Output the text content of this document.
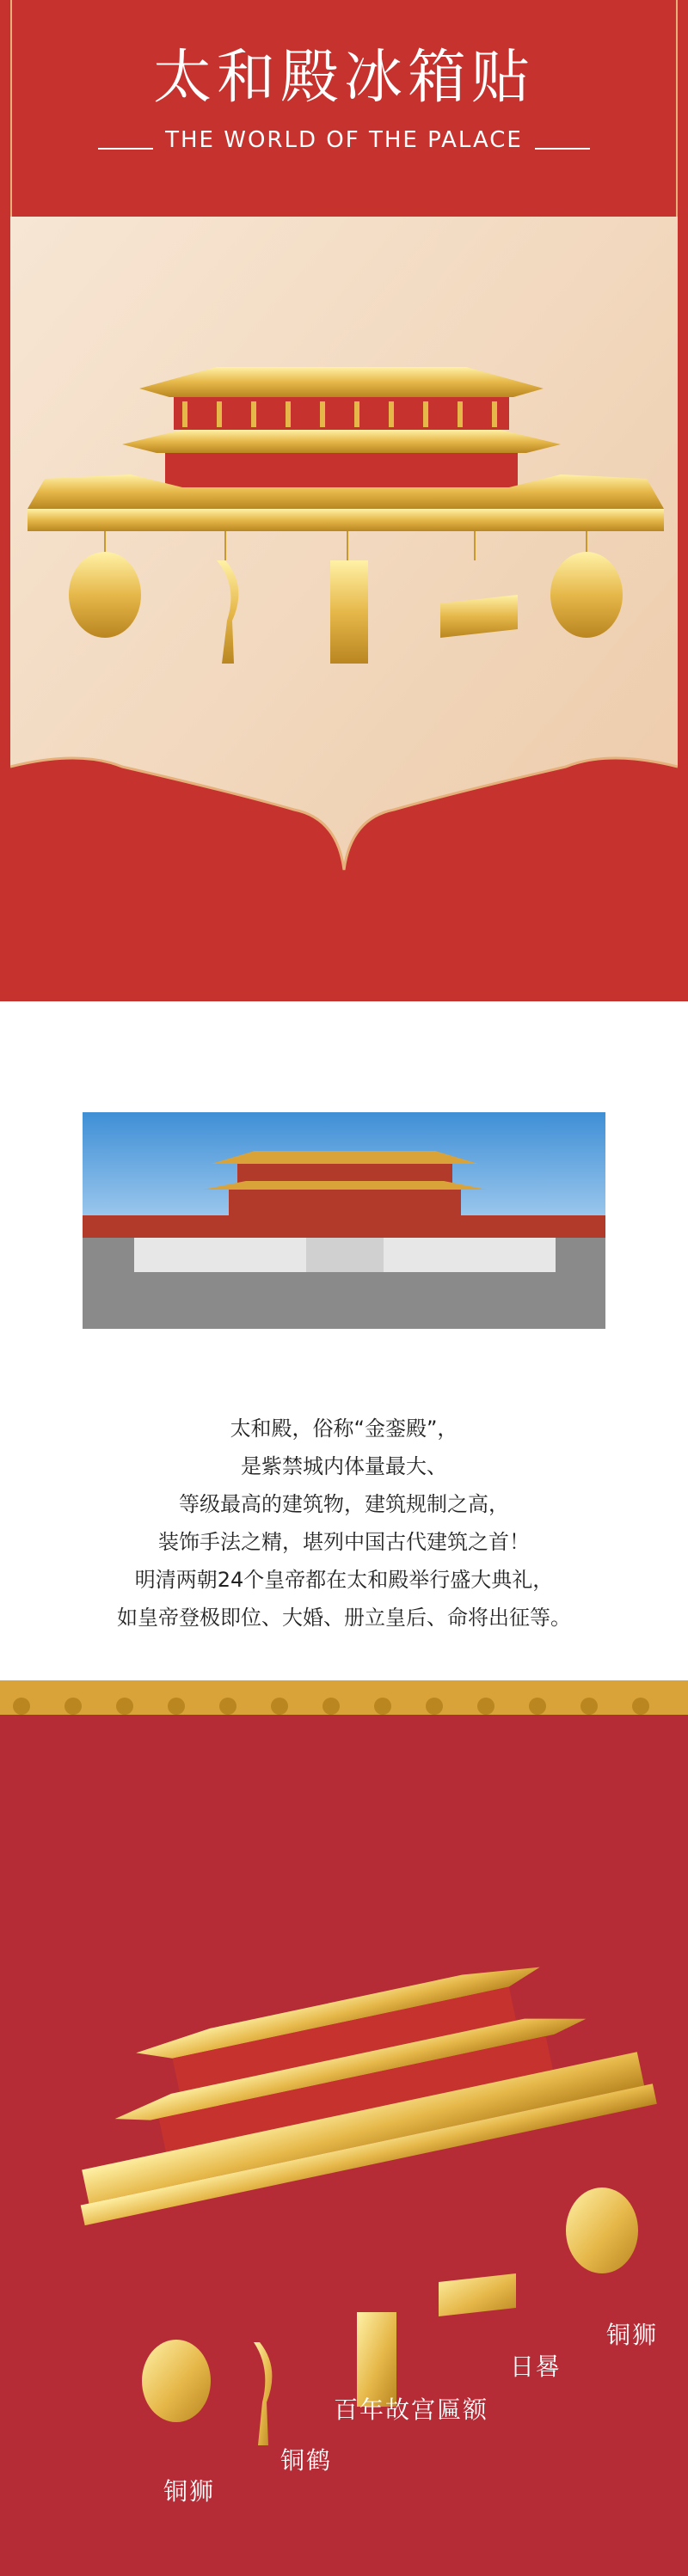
太和殿冰箱贴
THE WORLD OF THE PALACE

太和殿，俗称“金銮殿”，

是紫禁城内体量最大、

等级最高的建筑物，建筑规制之高，

装饰手法之精，堪列中国古代建筑之首！

明清两朝24个皇帝都在太和殿举行盛大典礼，

如皇帝登极即位、大婚、册立皇后、命将出征等。

铜狮
日晷
百年故宫匾额
铜鹤
铜狮
